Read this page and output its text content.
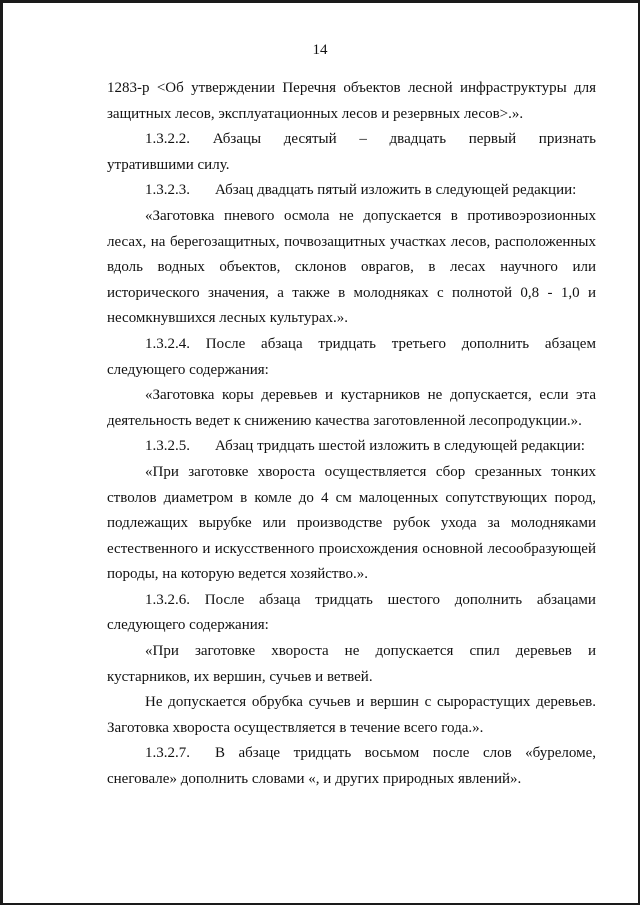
14

1283-р <Об утверждении Перечня объектов лесной инфраструктуры для защитных лесов, эксплуатационных лесов и резервных лесов>.».

1.3.2.2. Абзацы десятый – двадцать первый признать

утратившими силу.

1.3.2.3. Абзац двадцать пятый изложить в следующей редакции:

«Заготовка пневого осмола не допускается в противоэрозионных лесах, на берегозащитных, почвозащитных участках лесов, расположенных вдоль водных объектов, склонов оврагов, в лесах научного или исторического значения, а также в молодняках с полнотой 0,8 - 1,0 и несомкнувшихся лесных культурах.».

1.3.2.4. После абзаца тридцать третьего дополнить абзацем

следующего содержания:

«Заготовка коры деревьев и кустарников не допускается, если эта деятельность ведет к снижению качества заготовленной лесопродукции.».

1.3.2.5. Абзац тридцать шестой изложить в следующей редакции:

«При заготовке хвороста осуществляется сбор срезанных тонких стволов диаметром в комле до 4 см малоценных сопутствующих пород, подлежащих вырубке или производстве рубок ухода за молодняками естественного и искусственного происхождения основной лесообразующей породы, на которую ведется хозяйство.».

1.3.2.6. После абзаца тридцать шестого дополнить абзацами

следующего содержания:

«При заготовке хвороста не допускается спил деревьев и кустарников, их вершин, сучьев и ветвей.

Не допускается обрубка сучьев и вершин с сырорастущих деревьев. Заготовка хвороста осуществляется в течение всего года.».

1.3.2.7. В абзаце тридцать восьмом после слов «буреломе, снеговале» дополнить словами «, и других природных явлений».
